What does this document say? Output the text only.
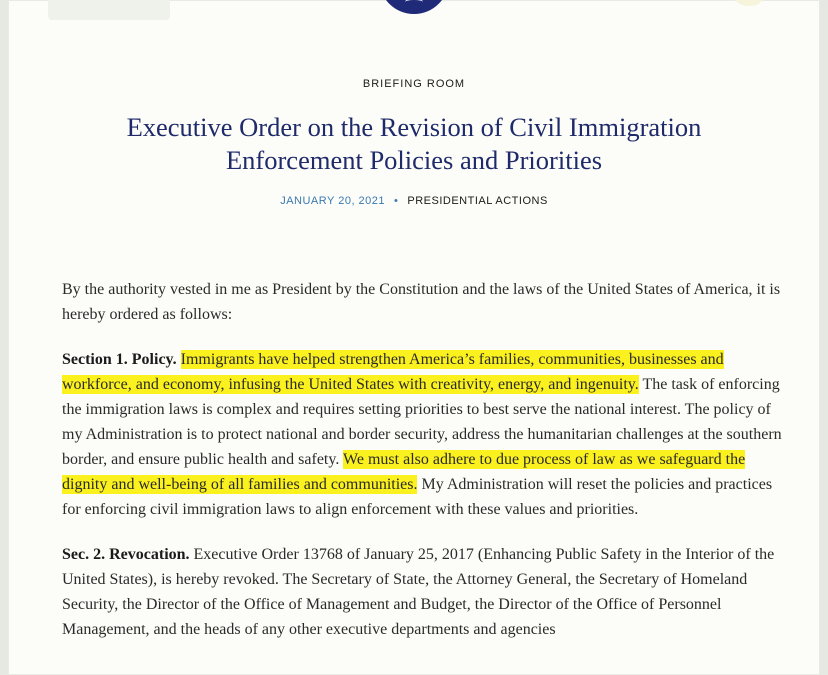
BRIEFING ROOM
Executive Order on the Revision of Civil Immigration
Enforcement Policies and Priorities
JANUARY 20, 2021 • PRESIDENTIAL ACTIONS

By the authority vested in me as President by the Constitution and the laws of the United States of America, it is hereby ordered as follows:

Section 1. Policy. Immigrants have helped strengthen America’s families, communities, businesses and workforce, and economy, infusing the United States with creativity, energy, and ingenuity. The task of enforcing the immigration laws is complex and requires setting priorities to best serve the national interest. The policy of my Administration is to protect national and border security, address the humanitarian challenges at the southern border, and ensure public health and safety. We must also adhere to due process of law as we safeguard the dignity and well-being of all families and communities. My Administration will reset the policies and practices for enforcing civil immigration laws to align enforcement with these values and priorities.

Sec. 2. Revocation. Executive Order 13768 of January 25, 2017 (Enhancing Public Safety in the Interior of the United States), is hereby revoked. The Secretary of State, the Attorney General, the Secretary of Homeland Security, the Director of the Office of Management and Budget, the Director of the Office of Personnel Management, and the heads of any other executive departments and agencies
